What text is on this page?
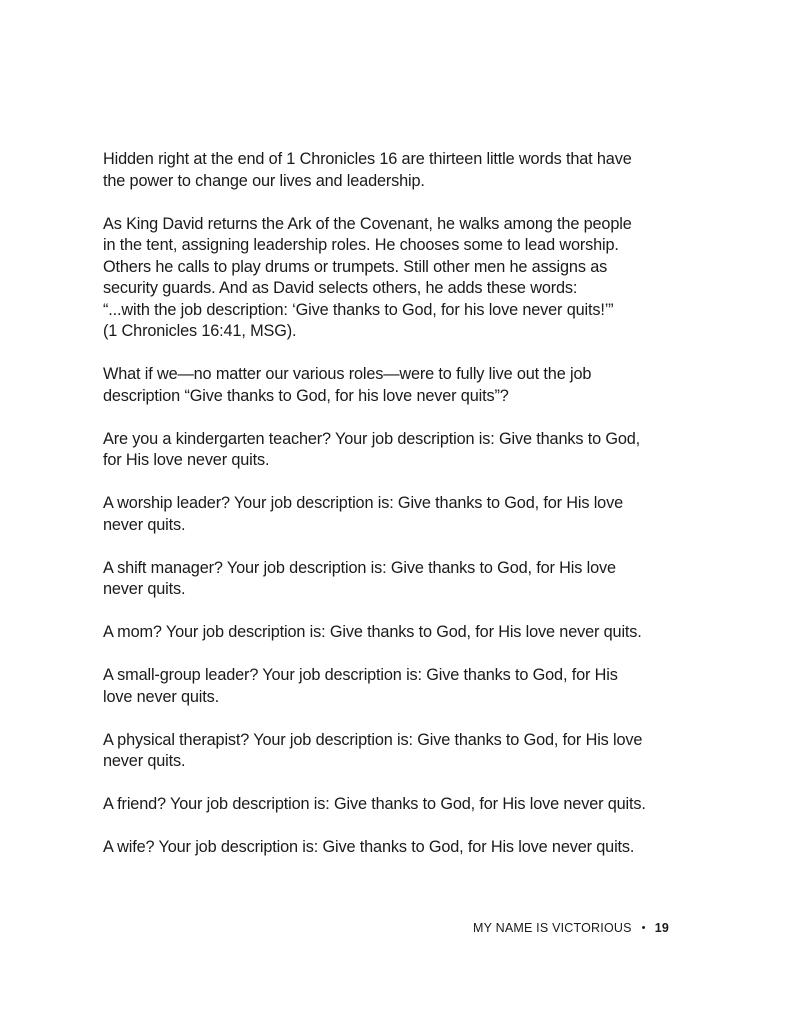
Hidden right at the end of 1 Chronicles 16 are thirteen little words that have
the power to change our lives and leadership.

As King David returns the Ark of the Covenant, he walks among the people
in the tent, assigning leadership roles. He chooses some to lead worship.
Others he calls to play drums or trumpets. Still other men he assigns as
security guards. And as David selects others, he adds these words:
“...with the job description: ‘Give thanks to God, for his love never quits!’”
(1 Chronicles 16:41, MSG).

What if we—no matter our various roles—were to fully live out the job
description “Give thanks to God, for his love never quits”?

Are you a kindergarten teacher? Your job description is: Give thanks to God,
for His love never quits.

A worship leader? Your job description is: Give thanks to God, for His love
never quits.

A shift manager? Your job description is: Give thanks to God, for His love
never quits.

A mom? Your job description is: Give thanks to God, for His love never quits.

A small-group leader? Your job description is: Give thanks to God, for His
love never quits.

A physical therapist? Your job description is: Give thanks to God, for His love
never quits.

A friend? Your job description is: Give thanks to God, for His love never quits.

A wife? Your job description is: Give thanks to God, for His love never quits.

MY NAME IS VICTORIOUS • 19
